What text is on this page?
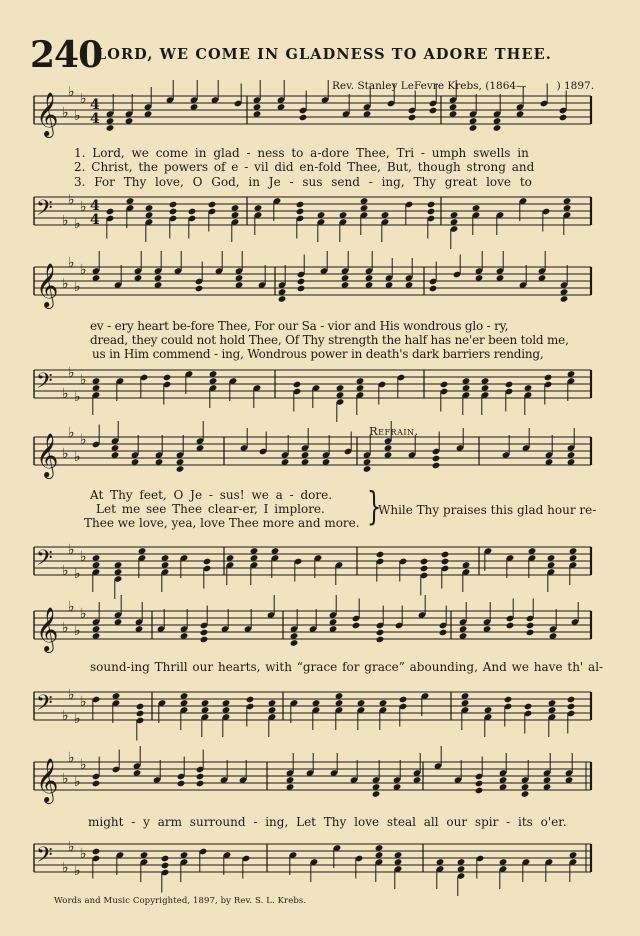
240
LORD, WE COME IN GLADNESS TO ADORE THEE.
Rev. Stanley LeFevre Krebs, (1864—	) 1897.
𝄞 ♭
♭
♭
♭ 4
4
𝄢 ♭
♭
♭
♭ 4
4
𝄞 ♭
♭
♭
♭
𝄢 ♭
♭
♭
♭
𝄞 ♭
♭
♭
♭
𝄢 ♭
♭
♭
♭
𝄞 ♭
♭
♭
♭
𝄢 ♭
♭
♭
♭
𝄞 ♭
♭
♭
♭
𝄢 ♭
♭
♭
♭
1. Lord, we come in glad - ness to a-dore Thee, Tri - umph swells in
2. Christ, the powers of e - vil did en-fold Thee, But, though strong and
3. For Thy love, O God, in Je - sus send - ing, Thy great love to
ev - ery heart be-fore Thee, For our Sa - vior and His wondrous glo - ry,
dread, they could not hold Thee, Of Thy strength the half has ne'er been told me,
us in Him commend - ing, Wondrous power in death's dark barriers rending,
Refrain.
At Thy feet, O Je - sus! we a - dore.
Let me see Thee clear-er, I implore.
Thee we love, yea, love Thee more and more. }
While Thy praises this glad hour re-
sound-ing Thrill our hearts, with “grace for grace” abounding, And we have th' al-
might - y arm surround - ing, Let Thy love steal all our spir - its o'er.
Words and Music Copyrighted, 1897, by Rev. S. L. Krebs.
